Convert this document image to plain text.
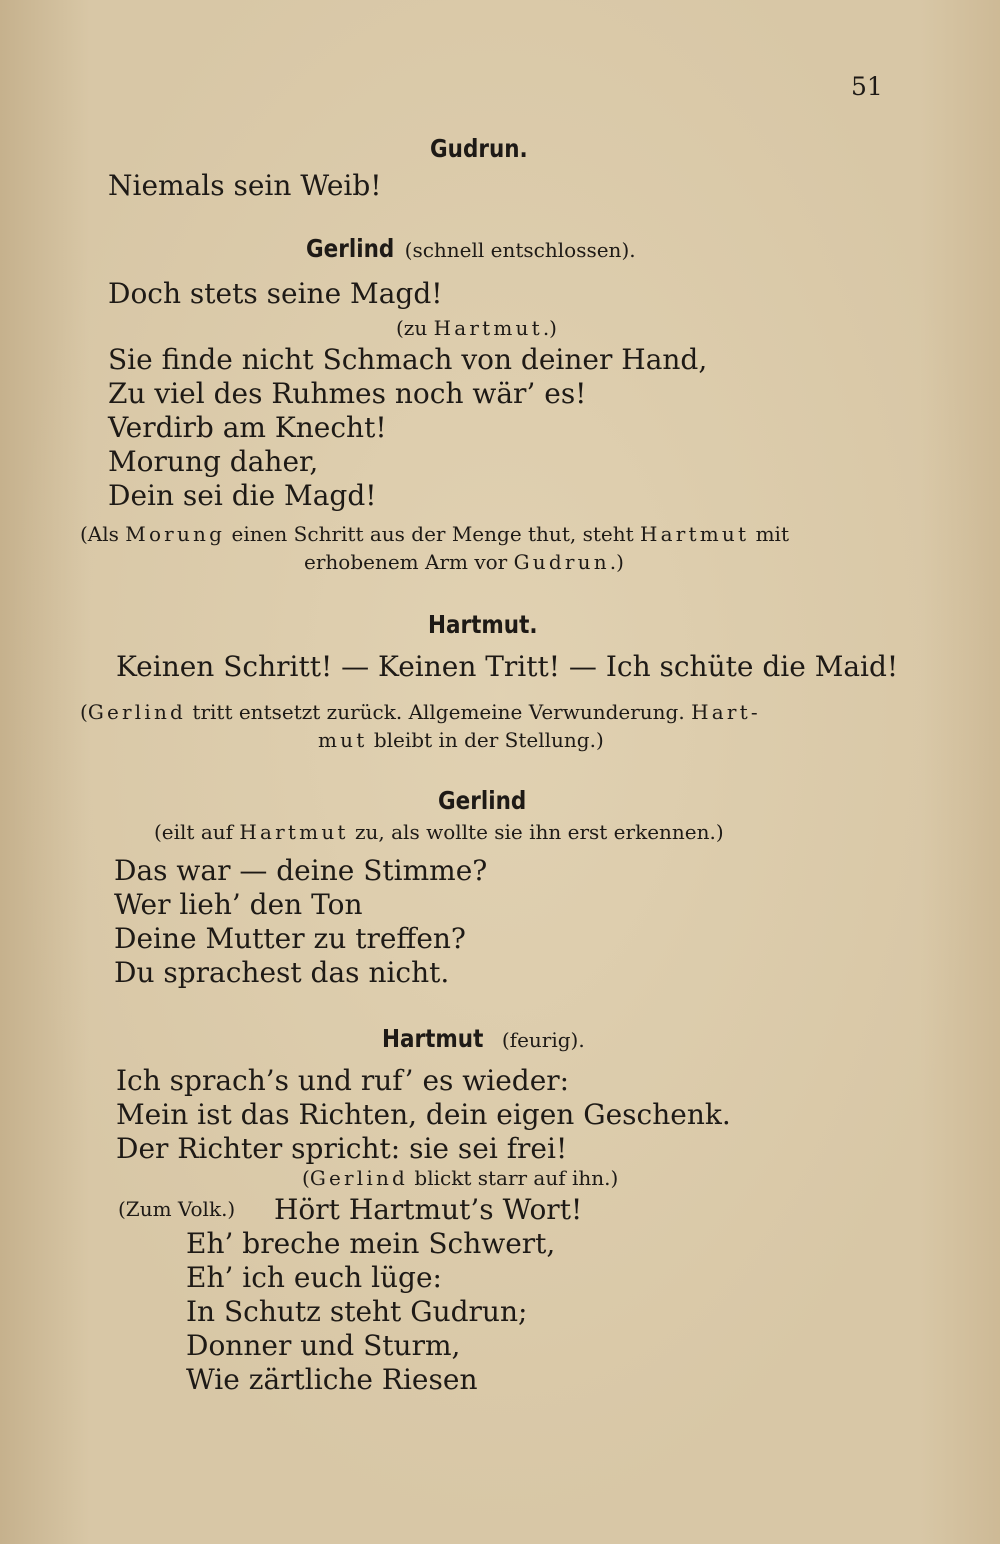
51
Gudrun.
Niemals sein Weib!
Gerlind (schnell entschlossen).
Doch stets seine Magd!
(zu Hartmut.)
Sie finde nicht Schmach von deiner Hand,
Zu viel des Ruhmes noch wär’ es!
Verdirb am Knecht!
Morung daher,
Dein sei die Magd!
(Als Morung einen Schritt aus der Menge thut, steht Hartmut mit
erhobenem Arm vor Gudrun.)
Hartmut.
Keinen Schritt! — Keinen Tritt! — Ich schüte die Maid!
(Gerlind tritt entsetzt zurück. Allgemeine Verwunderung. Hart-
mut bleibt in der Stellung.)
Gerlind
(eilt auf Hartmut zu, als wollte sie ihn erst erkennen.)
Das war — deine Stimme?
Wer lieh’ den Ton
Deine Mutter zu treffen?
Du sprachest das nicht.
Hartmut (feurig).
Ich sprach’s und ruf’ es wieder:
Mein ist das Richten, dein eigen Geschenk.
Der Richter spricht: sie sei frei!
(Gerlind blickt starr auf ihn.)
(Zum Volk.) Hört Hartmut’s Wort!
Eh’ breche mein Schwert,
Eh’ ich euch lüge:
In Schutz steht Gudrun;
Donner und Sturm,
Wie zärtliche Riesen
